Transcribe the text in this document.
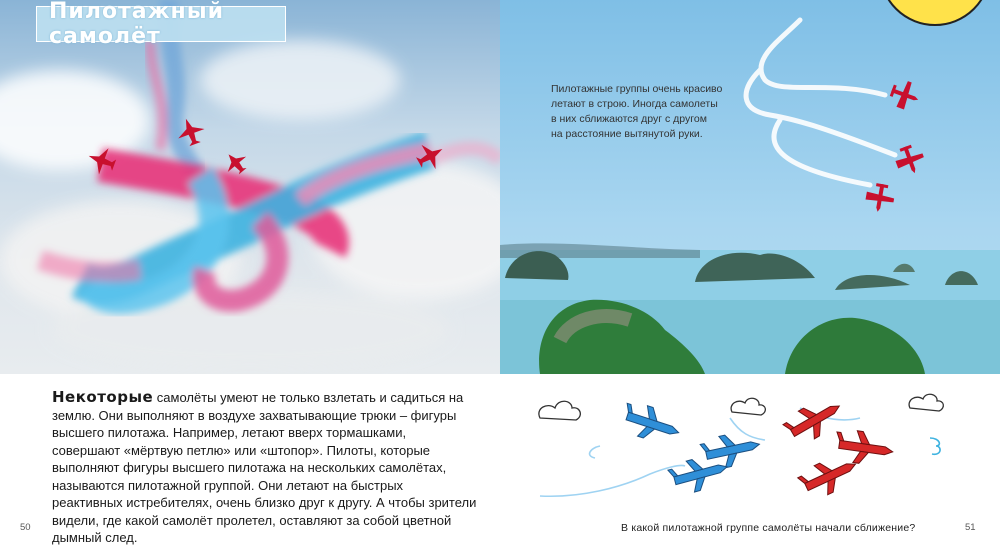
Пилотажный самолёт
Пилотажные группы очень красиво
летают в строю. Иногда самолеты
в них сближаются друг с другом
на расстояние вытянутой руки.
Некоторые самолёты умеют не только взлетать и садиться на землю. Они выполняют в воздухе захватывающие трюки – фигуры высшего пилотажа. Например, летают вверх тормашками, совершают «мёртвую петлю» или «штопор». Пилоты, которые выполняют фигуры высшего пилотажа на нескольких самолётах, называются пилотажной группой. Они летают на быстрых реактивных истребителях, очень близко друг к другу. А чтобы зрители видели, где какой самолёт пролетел, оставляют за собой цветной дымный след.
50	В какой пилотажной группе самолёты начали сближение?	51
